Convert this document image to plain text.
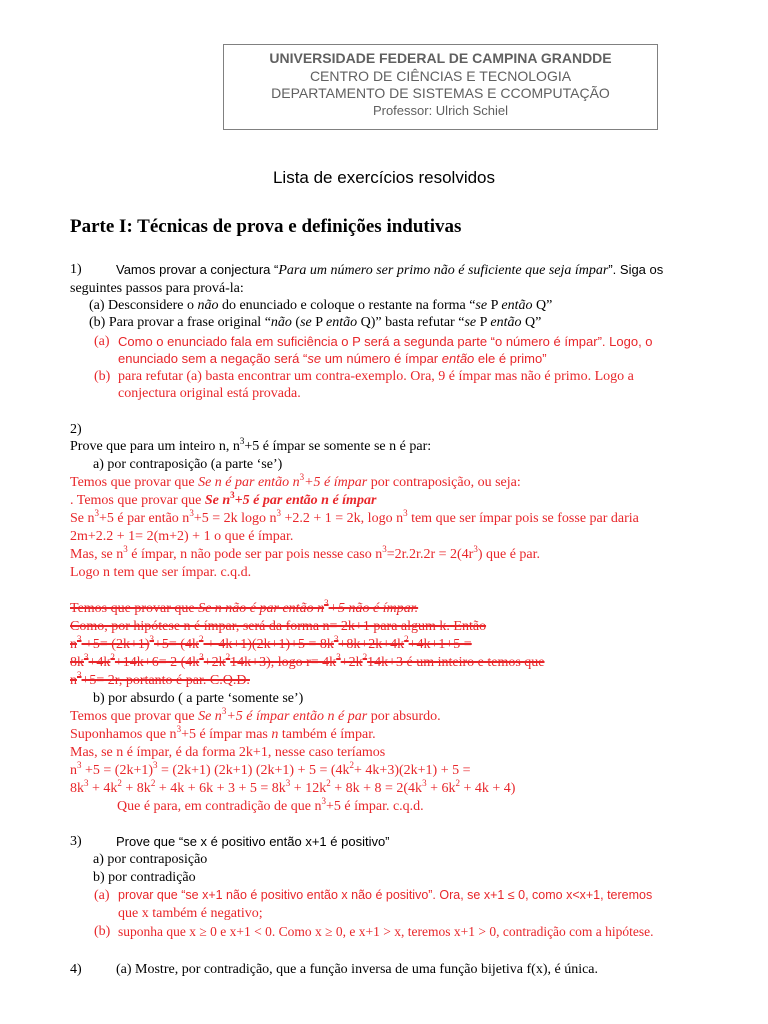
UNIVERSIDADE FEDERAL DE CAMPINA GRANDDE
CENTRO DE CIÊNCIAS E TECNOLOGIA
DEPARTAMENTO DE SISTEMAS E CCOMPUTAÇÃO
Professor: Ulrich Schiel
Lista de exercícios resolvidos
Parte I: Técnicas de prova e definições indutivas
1)	Vamos provar a conjectura “Para um número ser primo não é suficiente que seja ímpar”. Siga os
seguintes passos para prová-la:
(a) Desconsidere o não do enunciado e coloque o restante na forma “se P então Q”
(b) Para provar a frase original “não (se P então Q)” basta refutar “se P então Q”
(a) Como o enunciado fala em suficiência o P será a segunda parte “o número é ímpar”. Logo, o
enunciado sem a negação será “se um número é ímpar então ele é primo”
(b) para refutar (a) basta encontrar um contra-exemplo. Ora, 9 é ímpar mas não é primo. Logo a
conjectura original está provada.
2)
Prove que para um inteiro n, $n^3+5$ é ímpar se somente se n é par:
a) por contraposição (a parte ‘se’)
Temos que provar que Se n é par então $n^3+5$ é ímpar por contraposição, ou seja:
. Temos que provar que Se $n^3+5$ é par então n é ímpar
Se $n^3+5$ é par então $n^3+5 = 2k$ logo $n^3 +2.2 + 1 = 2k$, logo $n^3$ tem que ser ímpar pois se fosse par daria
2m+2.2 + 1= 2(m+2) + 1 o que é ímpar.
Mas, se $n^3$ é ímpar, n não pode ser par pois nesse caso $n^3=2r.2r.2r = 2(4r^3)$ que é par.
Logo n tem que ser ímpar. c.q.d.
Temos que provar que Se n não é par então $n^3+5$ não é ímpar.
Como, por hipótese n é ímpar, será da forma n= 2k+1 para algum k. Então
$n^3 +5= (2k+1)^3+5= (4k^2 + 4k+1)(2k+1)+5 = 8k^3+8k+2k+4k^2+4k+1+5$ =
$8k^3+4k^2+14k+6= 2$ $(4k^3+2k^214k+3)$, logo $r= 4k^3+2k^214k+3$ é um inteiro e temos que
$n^3+5= 2r$, portanto é par. C.Q.D.
b) por absurdo ( a parte ‘somente se’)
Temos que provar que Se $n^3+5$ é ímpar então n é par por absurdo.
Suponhamos que $n^3+5$ é ímpar mas n também é ímpar.
Mas, se n é ímpar, é da forma 2k+1, nesse caso teríamos
$n^3 +5 = (2k+1)^3 = (2k+1)$ (2k+1) $(2k+1) + 5 = (4k^2+ 4k+3)(2k+1) + 5$ =
$8k^3 + 4k^2 + 8k^2 + 4k + 6k + 3 + 5 = 8k^3 + 12k^2 + 8k + 8 = 2(4k^3 + 6k^2 + 4k + 4)$
Que é para, em contradição de que $n^3+5$ é ímpar. c.q.d.
3)	Prove que “se x é positivo então x+1 é positivo”
a) por contraposição
b) por contradição
(a) provar que “se x+1 não é positivo então x não é positivo”. Ora, se x+1 ≤ 0, como x<x+1, teremos
que x também é negativo;
(b) suponha que x ≥ 0 e x+1 < 0. Como x ≥ 0, e x+1 > x, teremos x+1 > 0, contradição com a hipótese.
4) (a) Mostre, por contradição, que a função inversa de uma função bijetiva f(x), é única.
